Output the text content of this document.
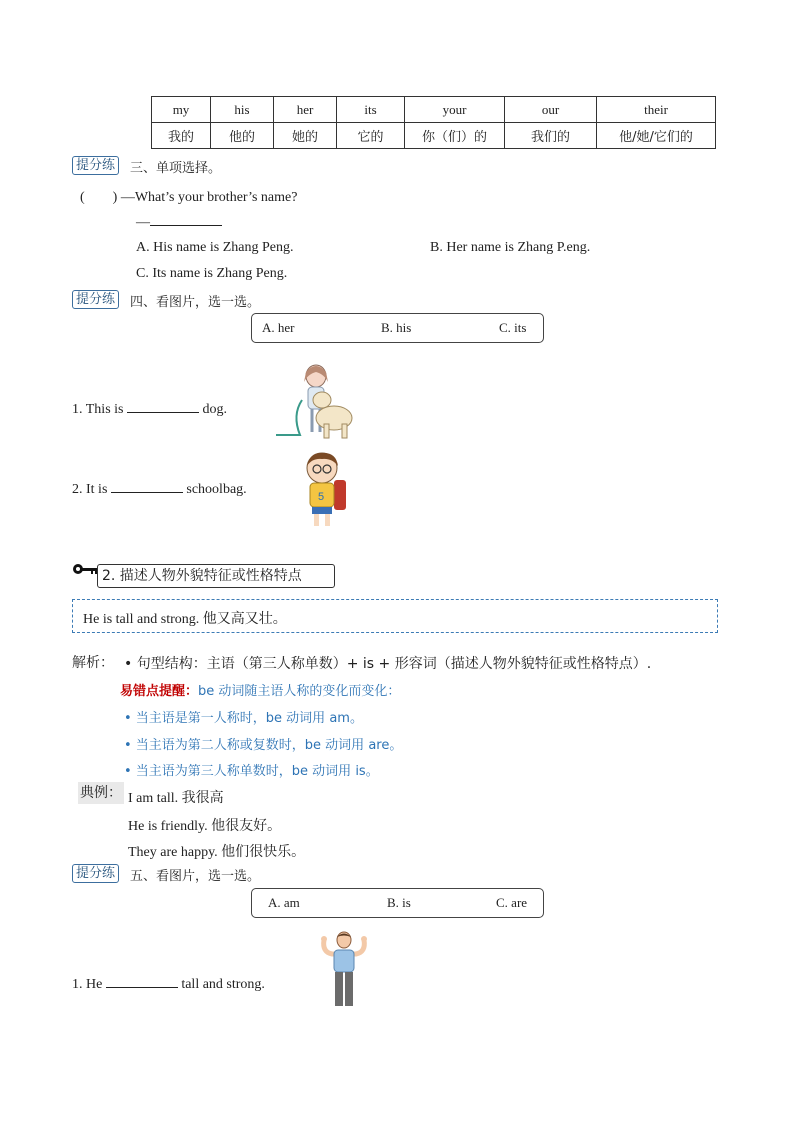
my	his	her	its	your	our	their
我的	他的	她的	它的	你（们）的	我们的	他/她/它们的
提分练	三、单项选择。
(　　) —What’s your brother’s name?
—
A. His name is Zhang Peng.	B. Her name is Zhang P.eng.
C. Its name is Zhang Peng.
提分练	四、看图片，选一选。
A. her	B. his	C. its
1. This is	dog.
2. It is	schoolbag.	5
2. 描述人物外貌特征或性格特点
He is tall and strong. 他又高又壮。
解析： • 句型结构：主语（第三人称单数）+ is + 形容词（描述人物外貌特征或性格特点）.
易错点提醒：be 动词随主语人称的变化而变化：
• 当主语是第一人称时，be 动词用 am。
• 当主语为第二人称或复数时，be 动词用 are。
• 当主语为第三人称单数时，be 动词用 is。
典例： I am tall. 我很高
He is friendly. 他很友好。
They are happy. 他们很快乐。
提分练	五、看图片，选一选。
A. am	B. is	C. are
1. He	tall and strong.
